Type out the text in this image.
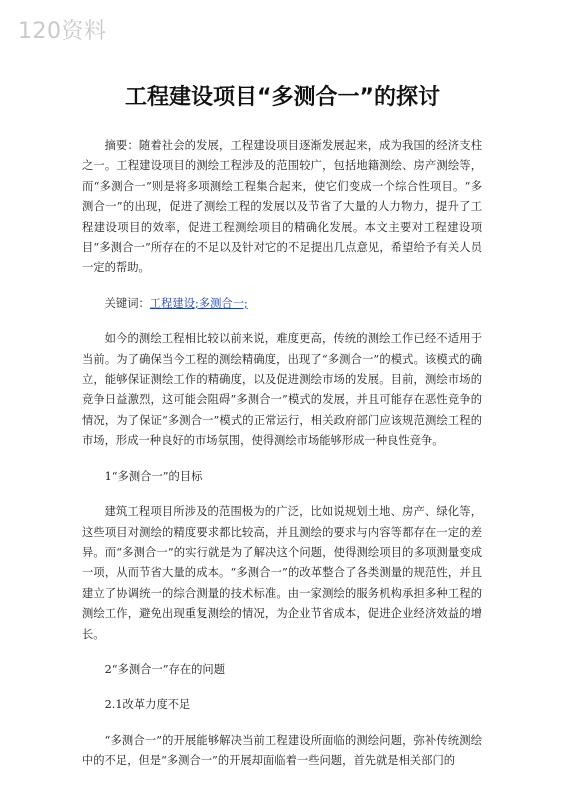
120资料
工程建设项目“多测合一”的探讨

摘要：随着社会的发展，工程建设项目逐渐发展起来，成为我国的经济支柱之一。工程建设项目的测绘工程涉及的范围较广，包括地籍测绘、房产测绘等，而“多测合一”则是将多项测绘工程集合起来，使它们变成一个综合性项目。“多测合一”的出现，促进了测绘工程的发展以及节省了大量的人力物力，提升了工程建设项目的效率，促进工程测绘项目的精确化发展。本文主要对工程建设项目“多测合一”所存在的不足以及针对它的不足提出几点意见，希望给予有关人员一定的帮助。

关键词：工程建设;多测合一;

如今的测绘工程相比较以前来说，难度更高，传统的测绘工作已经不适用于当前。为了确保当今工程的测绘精确度，出现了“多测合一”的模式。该模式的确立，能够保证测绘工作的精确度，以及促进测绘市场的发展。目前，测绘市场的竞争日益激烈，这可能会阻碍”多测合一”模式的发展，并且可能存在恶性竞争的情况，为了保证“多测合一”模式的正常运行，相关政府部门应该规范测绘工程的市场，形成一种良好的市场氛围，使得测绘市场能够形成一种良性竞争。

1“多测合一”的目标

建筑工程项目所涉及的范围极为的广泛，比如说规划土地、房产、绿化等，这些项目对测绘的精度要求都比较高，并且测绘的要求与内容等都存在一定的差异。而“多测合一”的实行就是为了解决这个问题，使得测绘项目的多项测量变成一项，从而节省大量的成本。“多测合一”的改革整合了各类测量的规范性，并且建立了协调统一的综合测量的技术标准。由一家测绘的服务机构承担多种工程的测绘工作，避免出现重复测绘的情况，为企业节省成本，促进企业经济效益的增长。

2“多测合一”存在的问题

2.1改革力度不足

“多测合一”的开展能够解决当前工程建设所面临的测绘问题，弥补传统测绘中的不足，但是“多测合一”的开展却面临着一些问题，首先就是相关部门的
